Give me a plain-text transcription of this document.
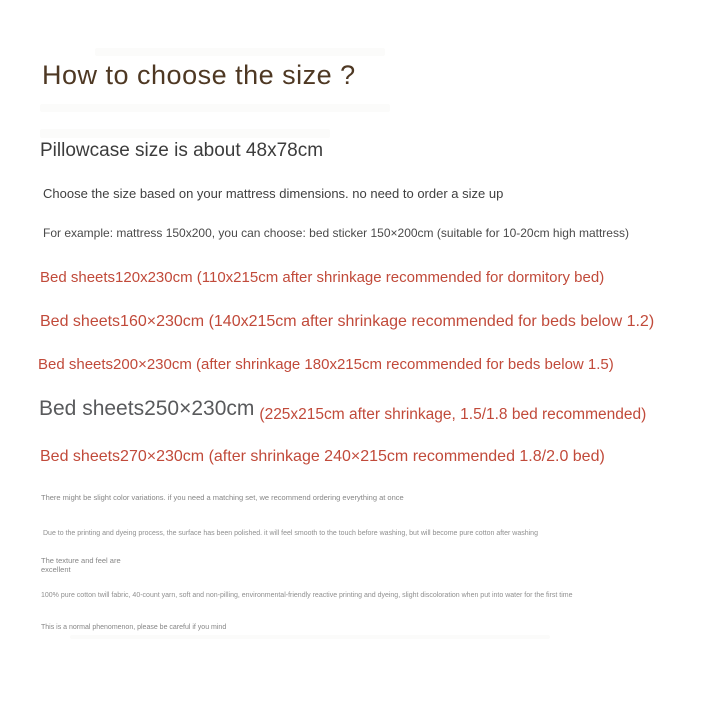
How to choose the size ?
Pillowcase size is about 48x78cm
Choose the size based on your mattress dimensions. no need to order a size up
For example: mattress 150x200, you can choose: bed sticker 150×200cm (suitable for 10-20cm high mattress)
Bed sheets120x230cm (110x215cm after shrinkage recommended for dormitory bed)
Bed sheets160×230cm (140x215cm after shrinkage recommended for beds below 1.2)
Bed sheets200×230cm (after shrinkage 180x215cm recommended for beds below 1.5)
Bed sheets250×230cm (225x215cm after shrinkage, 1.5/1.8 bed recommended)
Bed sheets270×230cm (after shrinkage 240×215cm recommended 1.8/2.0 bed)
There might be slight color variations. if you need a matching set, we recommend ordering everything at once
Due to the printing and dyeing process, the surface has been polished. it will feel smooth to the touch before washing, but will become pure cotton after washing
The texture and feel are excellent
100% pure cotton twill fabric, 40-count yarn, soft and non-pilling, environmental-friendly reactive printing and dyeing, slight discoloration when put into water for the first time
This is a normal phenomenon, please be careful if you mind
